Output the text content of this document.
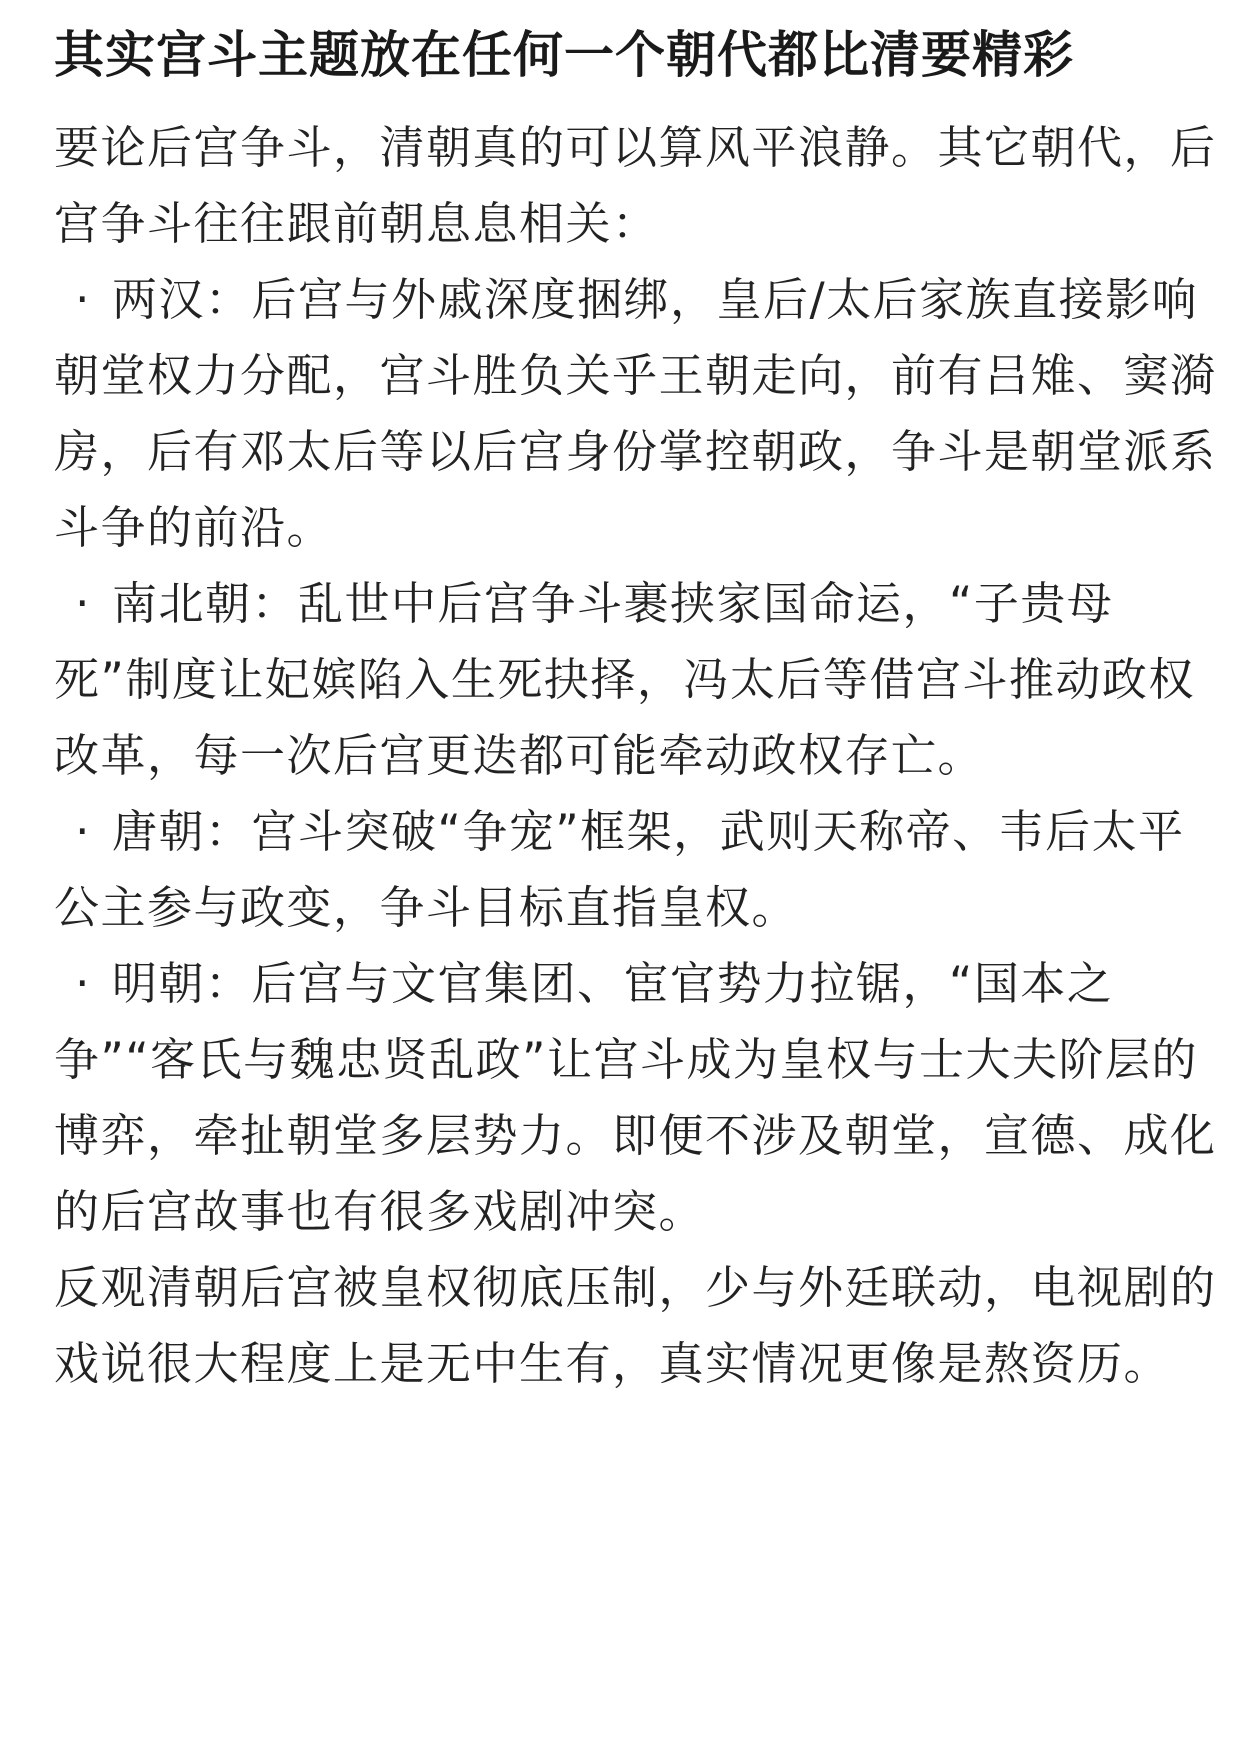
其实宫斗主题放在任何一个朝代都比清要精彩

要论后宫争斗，清朝真的可以算风平浪静。其它朝代，后宫争斗往往跟前朝息息相关：

· 两汉：后宫与外戚深度捆绑，皇后/太后家族直接影响朝堂权力分配，宫斗胜负关乎王朝走向，前有吕雉、窦漪房，后有邓太后等以后宫身份掌控朝政，争斗是朝堂派系斗争的前沿。
· 南北朝：乱世中后宫争斗裹挟家国命运，“子贵母死”制度让妃嫔陷入生死抉择，冯太后等借宫斗推动政权改革，每一次后宫更迭都可能牵动政权存亡。
· 唐朝：宫斗突破“争宠”框架，武则天称帝、韦后太平公主参与政变，争斗目标直指皇权。
· 明朝：后宫与文官集团、宦官势力拉锯，“国本之争”“客氏与魏忠贤乱政”让宫斗成为皇权与士大夫阶层的博弈，牵扯朝堂多层势力。即便不涉及朝堂，宣德、成化的后宫故事也有很多戏剧冲突。

反观清朝后宫被皇权彻底压制，少与外廷联动，电视剧的戏说很大程度上是无中生有，真实情况更像是熬资历。
